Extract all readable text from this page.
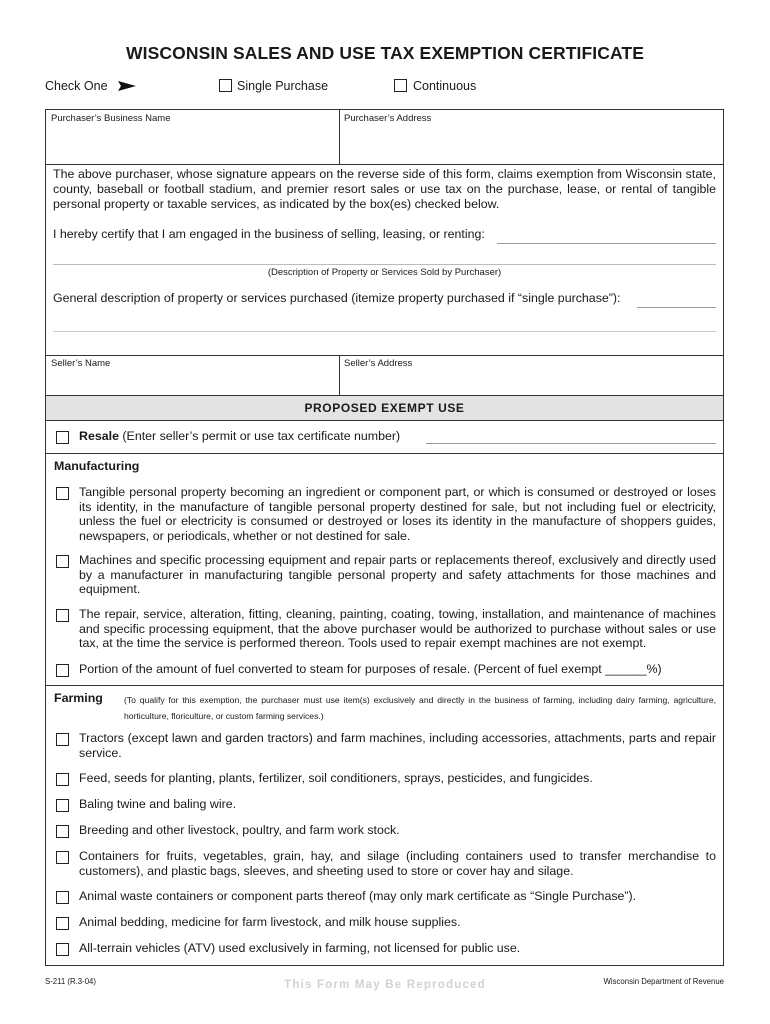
WISCONSIN SALES AND USE TAX EXEMPTION CERTIFICATE
Check One	Single Purchase	Continuous
Purchaser’s Business Name	Purchaser’s Address
The above purchaser, whose signature appears on the reverse side of this form, claims exemption from Wisconsin state,
county, baseball or football stadium, and premier resort sales or use tax on the purchase, lease, or rental of tangible
personal property or taxable services, as indicated by the box(es) checked below.
I hereby certify that I am engaged in the business of selling, leasing, or renting:
(Description of Property or Services Sold by Purchaser)
General description of property or services purchased (itemize property purchased if “single purchase”):
Seller’s Name	Seller’s Address
PROPOSED EXEMPT USE
Resale (Enter seller’s permit or use tax certificate number)
Manufacturing
Tangible personal property becoming an ingredient or component part, or which is consumed or destroyed or loses its identity, in the manufacture of tangible personal property destined for sale, but not including fuel or electricity, unless the fuel or electricity is consumed or destroyed or loses its identity in the manufacture of shoppers guides, newspapers, or periodicals, whether or not destined for sale.
Machines and specific processing equipment and repair parts or replacements thereof, exclusively and directly used by a manufacturer in manufacturing tangible personal property and safety attachments for those machines and equipment.
The repair, service, alteration, fitting, cleaning, painting, coating, towing, installation, and maintenance of machines and specific processing equipment, that the above purchaser would be authorized to purchase without sales or use tax, at the time the service is performed thereon. Tools used to repair exempt machines are not exempt.
Portion of the amount of fuel converted to steam for purposes of resale. (Percent of fuel exempt ______%)
Farming (To qualify for this exemption, the purchaser must use item(s) exclusively and directly in the business of farming, including dairy farming, agriculture, horticulture, floriculture, or custom farming services.)
Tractors (except lawn and garden tractors) and farm machines, including accessories, attachments, parts and repair service.
Feed, seeds for planting, plants, fertilizer, soil conditioners, sprays, pesticides, and fungicides.
Baling twine and baling wire.
Breeding and other livestock, poultry, and farm work stock.
Containers for fruits, vegetables, grain, hay, and silage (including containers used to transfer merchandise to customers), and plastic bags, sleeves, and sheeting used to store or cover hay and silage.
Animal waste containers or component parts thereof (may only mark certificate as “Single Purchase”).
Animal bedding, medicine for farm livestock, and milk house supplies.
All-terrain vehicles (ATV) used exclusively in farming, not licensed for public use.
S-211 (R.3-04)	This Form May Be Reproduced	Wisconsin Department of Revenue
